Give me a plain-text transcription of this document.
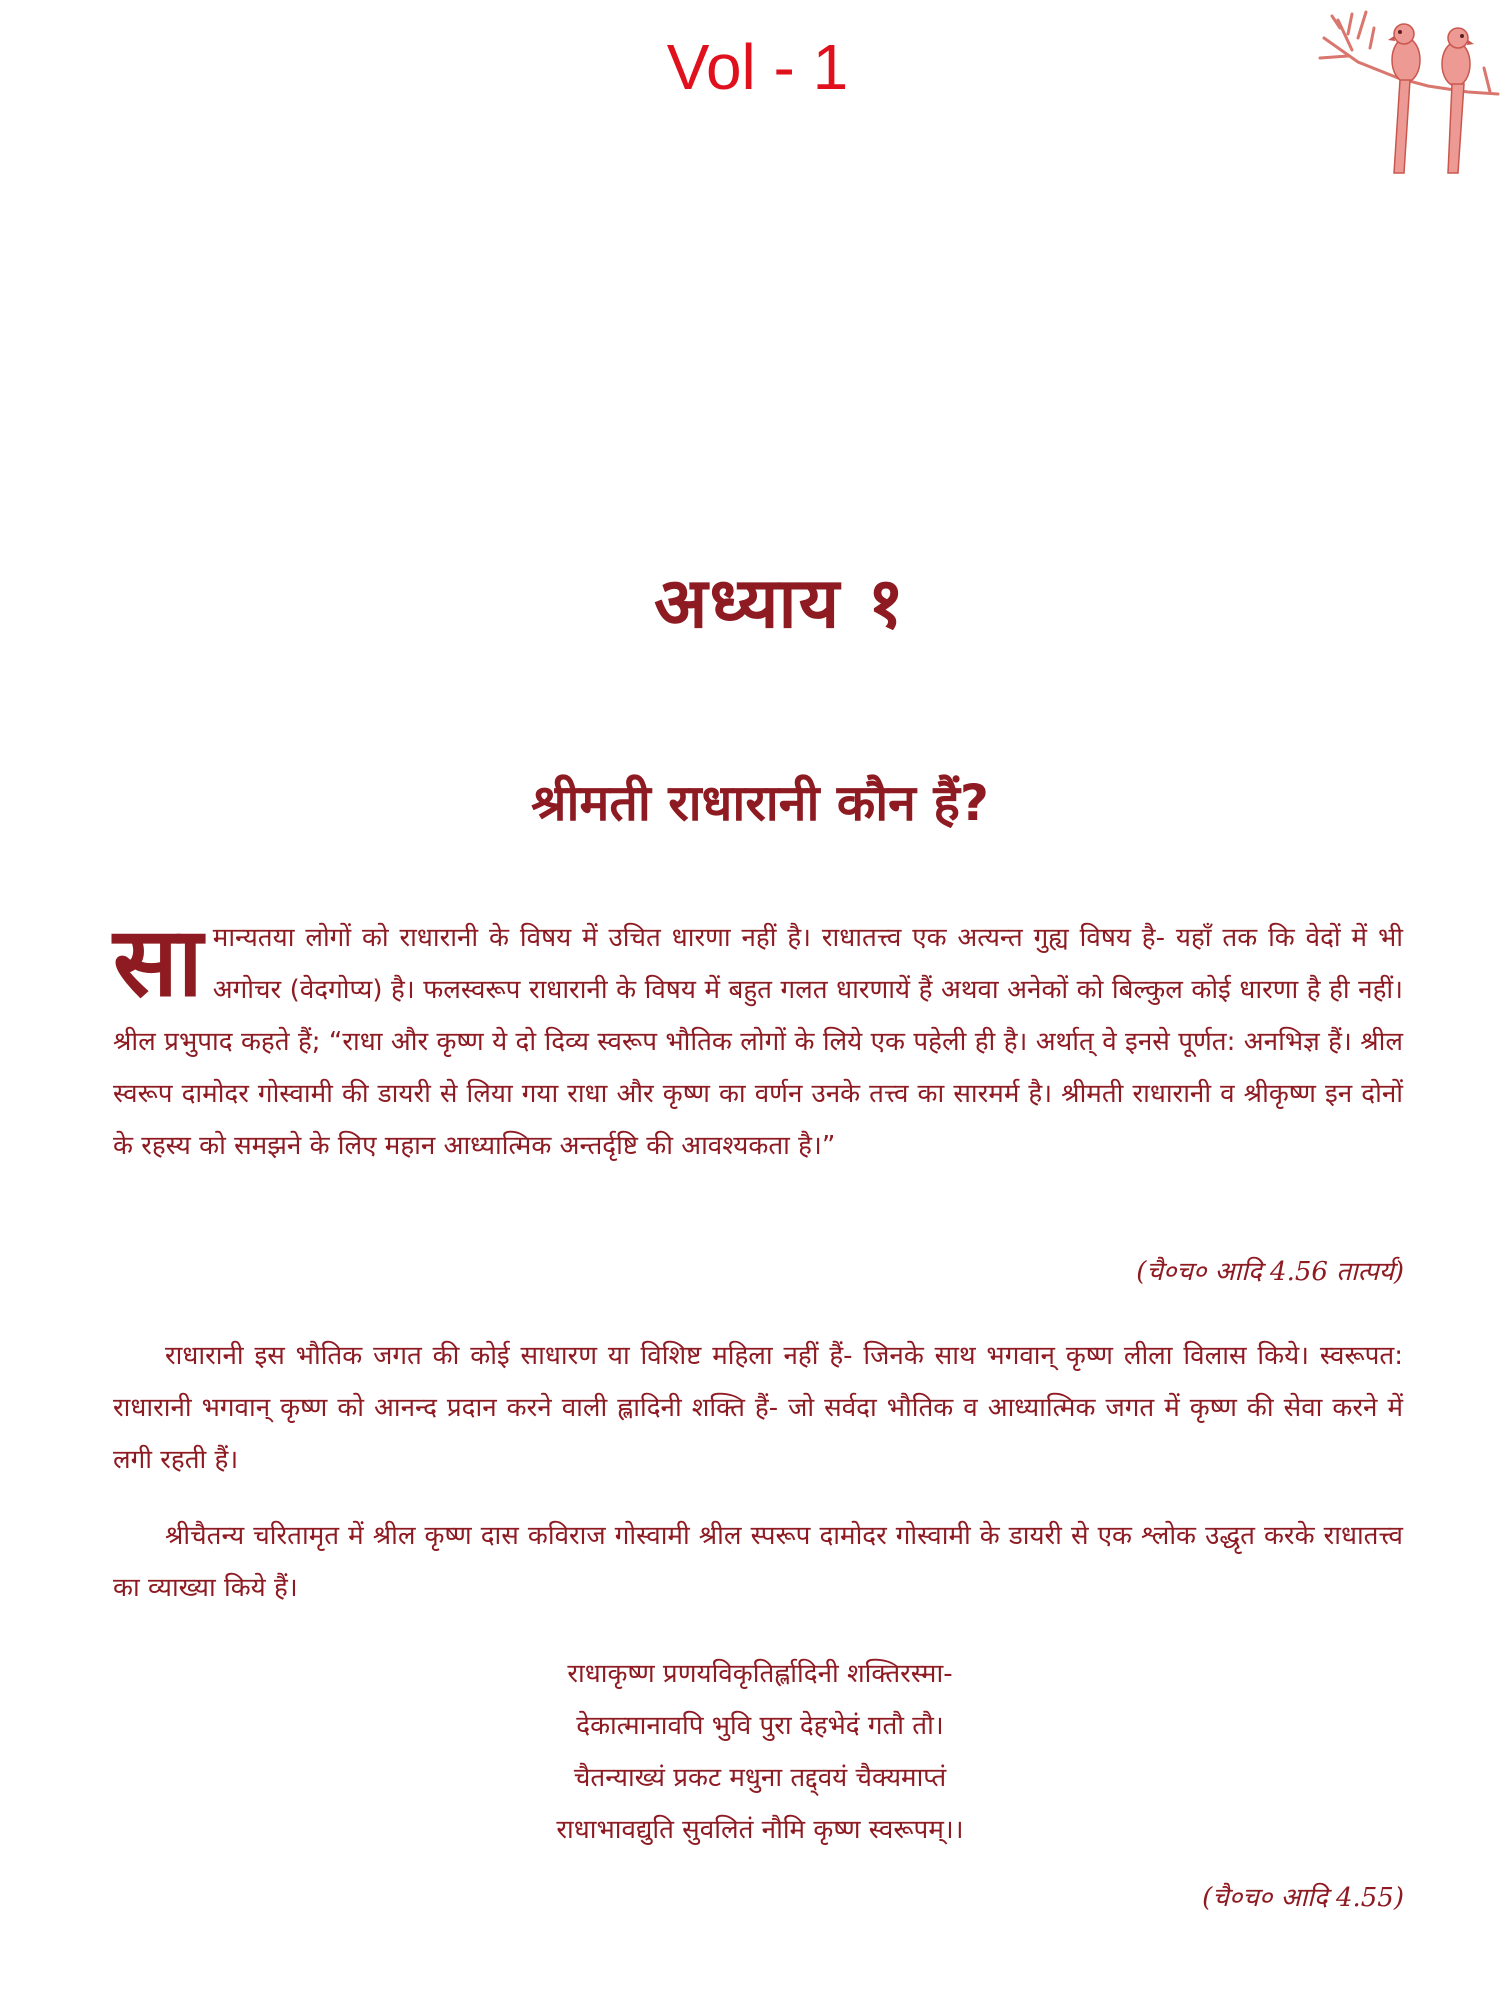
Vol - 1
अध्याय १
श्रीमती राधारानी कौन हैं?
सा मान्यतया लोगों को राधारानी के विषय में उचित धारणा नहीं है। राधातत्त्व एक अत्यन्त गुह्य विषय है- यहाँ तक कि वेदों में भी अगोचर (वेदगोप्य) है। फलस्वरूप राधारानी के विषय में बहुत गलत धारणायें हैं अथवा अनेकों को बिल्कुल कोई धारणा है ही नहीं। श्रील प्रभुपाद कहते हैं; “राधा और कृष्ण ये दो दिव्य स्वरूप भौतिक लोगों के लिये एक पहेली ही है। अर्थात् वे इनसे पूर्णत: अनभिज्ञ हैं। श्रील स्वरूप दामोदर गोस्वामी की डायरी से लिया गया राधा और कृष्ण का वर्णन उनके तत्त्व का सारमर्म है। श्रीमती राधारानी व श्रीकृष्ण इन दोनों के रहस्य को समझने के लिए महान आध्यात्मिक अन्तर्दृष्टि की आवश्यकता है।”
(चै०च० आदि 4.56 तात्पर्य)
राधारानी इस भौतिक जगत की कोई साधारण या विशिष्ट महिला नहीं हैं- जिनके साथ भगवान् कृष्ण लीला विलास किये। स्वरूपत: राधारानी भगवान् कृष्ण को आनन्द प्रदान करने वाली ह्लादिनी शक्ति हैं- जो सर्वदा भौतिक व आध्यात्मिक जगत में कृष्ण की सेवा करने में लगी रहती हैं।
श्रीचैतन्य चरितामृत में श्रील कृष्ण दास कविराज गोस्वामी श्रील स्परूप दामोदर गोस्वामी के डायरी से एक श्लोक उद्धृत करके राधातत्त्व का व्याख्या किये हैं।
राधाकृष्ण प्रणयविकृतिर्ह्लादिनी शक्तिरस्मा-
देकात्मानावपि भुवि पुरा देहभेदं गतौ तौ।
चैतन्याख्यं प्रकट मधुना तद्द्वयं चैक्यमाप्तं
राधाभावद्युति सुवलितं नौमि कृष्ण स्वरूपम्।।
(चै०च० आदि 4.55)
